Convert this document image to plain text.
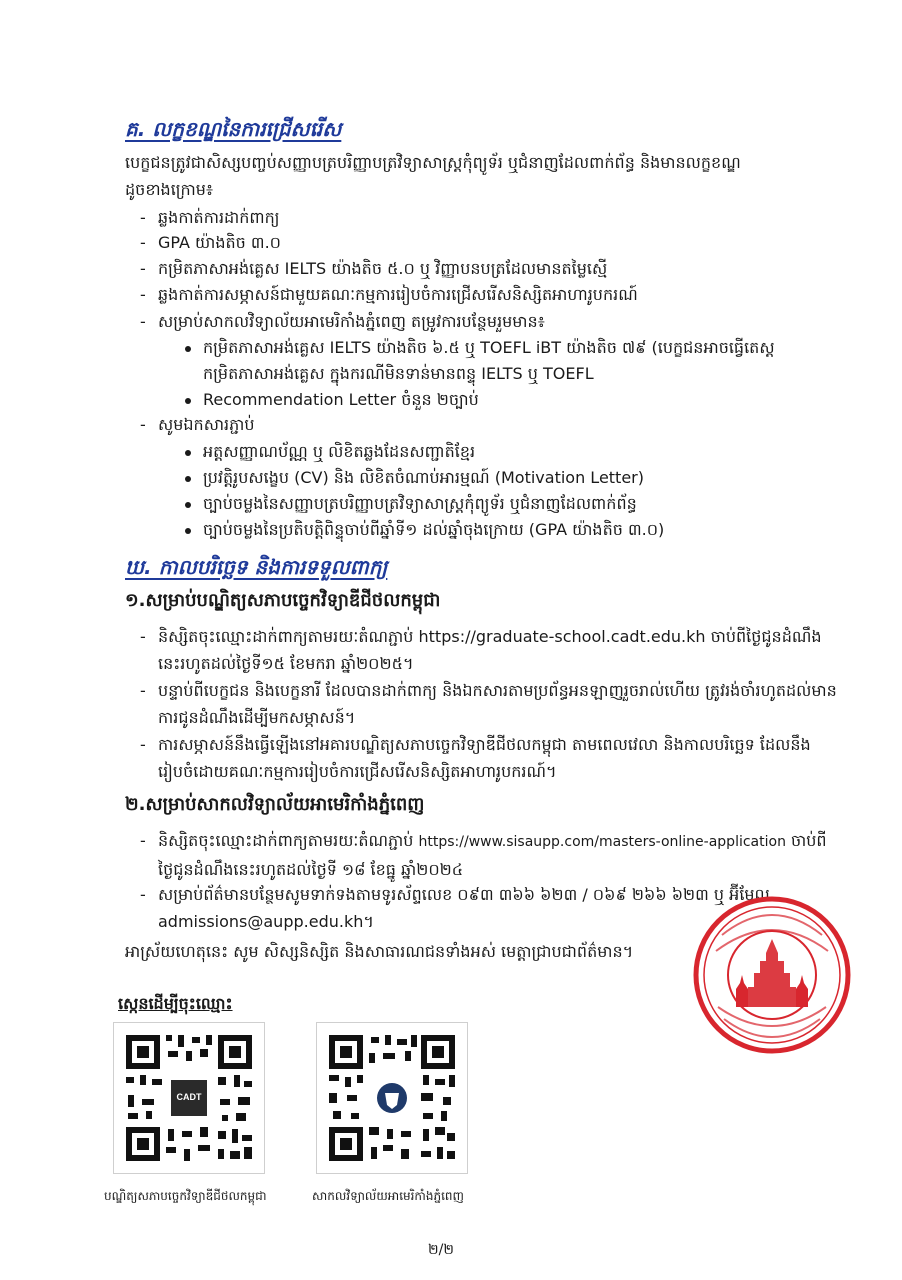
គ. លក្ខខណ្ឌនៃការជ្រើសរើស
បេក្ខជនត្រូវជាសិស្សបញ្ចប់សញ្ញាបត្របរិញ្ញាបត្រវិទ្យាសាស្ត្រកុំព្យូទ័រ ឬជំនាញដែលពាក់ព័ន្ធ និងមានលក្ខខណ្ឌ
ដូចខាងក្រោម៖
- ឆ្លងកាត់ការដាក់ពាក្យ
- GPA យ៉ាងតិច ៣.០
- កម្រិតភាសាអង់គ្លេស IELTS យ៉ាងតិច ៥.០ ឬ វិញ្ញាបនបត្រដែលមានតម្លៃស្មើ
- ឆ្លងកាត់ការសម្ភាសន៍ជាមួយគណៈកម្មការរៀបចំការជ្រើសរើសនិស្សិតអាហារូបករណ៍
- សម្រាប់សាកលវិទ្យាល័យអាមេរិកាំងភ្នំពេញ តម្រូវការបន្ថែមរួមមាន៖
កម្រិតភាសាអង់គ្លេស IELTS យ៉ាងតិច ៦.៥ ឬ TOEFL iBT យ៉ាងតិច ៧៩ (បេក្ខជនអាចធ្វើតេស្ត
កម្រិតភាសាអង់គ្លេស ក្នុងករណីមិនទាន់មានពន្ទុ IELTS ឬ TOEFL
Recommendation Letter ចំនួន ២ច្បាប់
- សូមឯកសារភ្ជាប់
អត្តសញ្ញាណប័ណ្ណ ឬ លិខិតឆ្លងដែនសញ្ជាតិខ្មែរ
ប្រវត្តិរូបសង្ខេប (CV) និង លិខិតចំណាប់អារម្មណ៍ (Motivation Letter)
ច្បាប់ចម្លងនៃសញ្ញាបត្របរិញ្ញាបត្រវិទ្យាសាស្ត្រកុំព្យូទ័រ ឬជំនាញដែលពាក់ព័ន្ធ
ច្បាប់ចម្លងនៃប្រតិបត្តិពិន្ទុចាប់ពីឆ្នាំទី១ ដល់ឆ្នាំចុងក្រោយ (GPA យ៉ាងតិច ៣.០)
ឃ. កាលបរិច្ឆេទ និងការទទួលពាក្យ
១.សម្រាប់បណ្ឌិត្យសភាបច្ចេកវិទ្យាឌីជីថលកម្ពុជា
- និស្សិតចុះឈ្មោះដាក់ពាក្យតាមរយៈតំណភ្ជាប់ https://graduate-school.cadt.edu.kh ចាប់ពីថ្ងៃជូនដំណឹងនេះរហូតដល់ថ្ងៃទី១៥ ខែមករា ឆ្នាំ២០២៥។
- បន្ទាប់ពីបេក្ខជន និងបេក្ខនារី ដែលបានដាក់ពាក្យ និងឯកសារតាមប្រព័ន្ធអនឡាញរួចរាល់ហើយ ត្រូវរង់ចាំរហូតដល់មានការជូនដំណឹងដើម្បីមកសម្ភាសន៍។
- ការសម្ភាសន៍នឹងធ្វើឡើងនៅអគារបណ្ឌិត្យសភាបច្ចេកវិទ្យាឌីជីថលកម្ពុជា តាមពេលវេលា និងកាលបរិច្ឆេទ ដែលនឹងរៀបចំដោយគណៈកម្មការរៀបចំការជ្រើសរើសនិស្សិតអាហារូបករណ៍។
២.សម្រាប់សាកលវិទ្យាល័យអាមេរិកាំងភ្នំពេញ
- និស្សិតចុះឈ្មោះដាក់ពាក្យតាមរយៈតំណភ្ជាប់ https://www.sisaupp.com/masters-online-application ចាប់ពីថ្ងៃជូនដំណឹងនេះរហូតដល់ថ្ងៃទី ១៨ ខែធ្នូ ឆ្នាំ២០២៤
- សម្រាប់ព័ត៌មានបន្ថែមសូមទាក់ទងតាមទូរស័ព្ទលេខ ០៩៣ ៣៦៦ ៦២៣ / ០៦៩ ២៦៦ ៦២៣ ឬ អ៊ីមែល admissions@aupp.edu.kh។
អាស្រ័យហេតុនេះ សូម សិស្សនិស្សិត និងសាធារណជនទាំងអស់ មេត្តាជ្រាបជាព័ត៌មាន។
ស្កេនដើម្បីចុះឈ្មោះ
CADT
បណ្ឌិត្យសភាបច្ចេកវិទ្យាឌីជីថលកម្ពុជា	សាកលវិទ្យាល័យអាមេរិកាំងភ្នំពេញ
២/២
